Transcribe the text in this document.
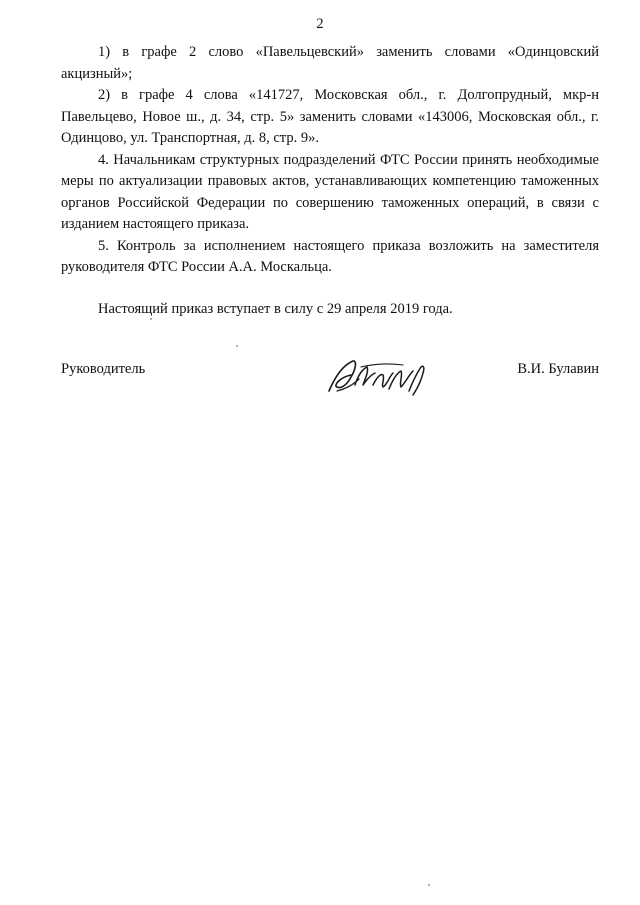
2

1) в графе 2 слово «Павельцевский» заменить словами «Одинцовский акцизный»;

2) в графе 4 слова «141727, Московская обл., г. Долгопрудный, мкр-н Павельцево, Новое ш., д. 34, стр. 5» заменить словами «143006, Московская обл., г. Одинцово, ул. Транспортная, д. 8, стр. 9».

4. Начальникам структурных подразделений ФТС России принять необходимые меры по актуализации правовых актов, устанавливающих компетенцию таможенных органов Российской Федерации по совершению таможенных операций, в связи с изданием настоящего приказа.

5. Контроль за исполнением настоящего приказа возложить на заместителя руководителя ФТС России А.А. Москальца.

Настоящий приказ вступает в силу с 29 апреля 2019 года.

Руководитель	В.И. Булавин
